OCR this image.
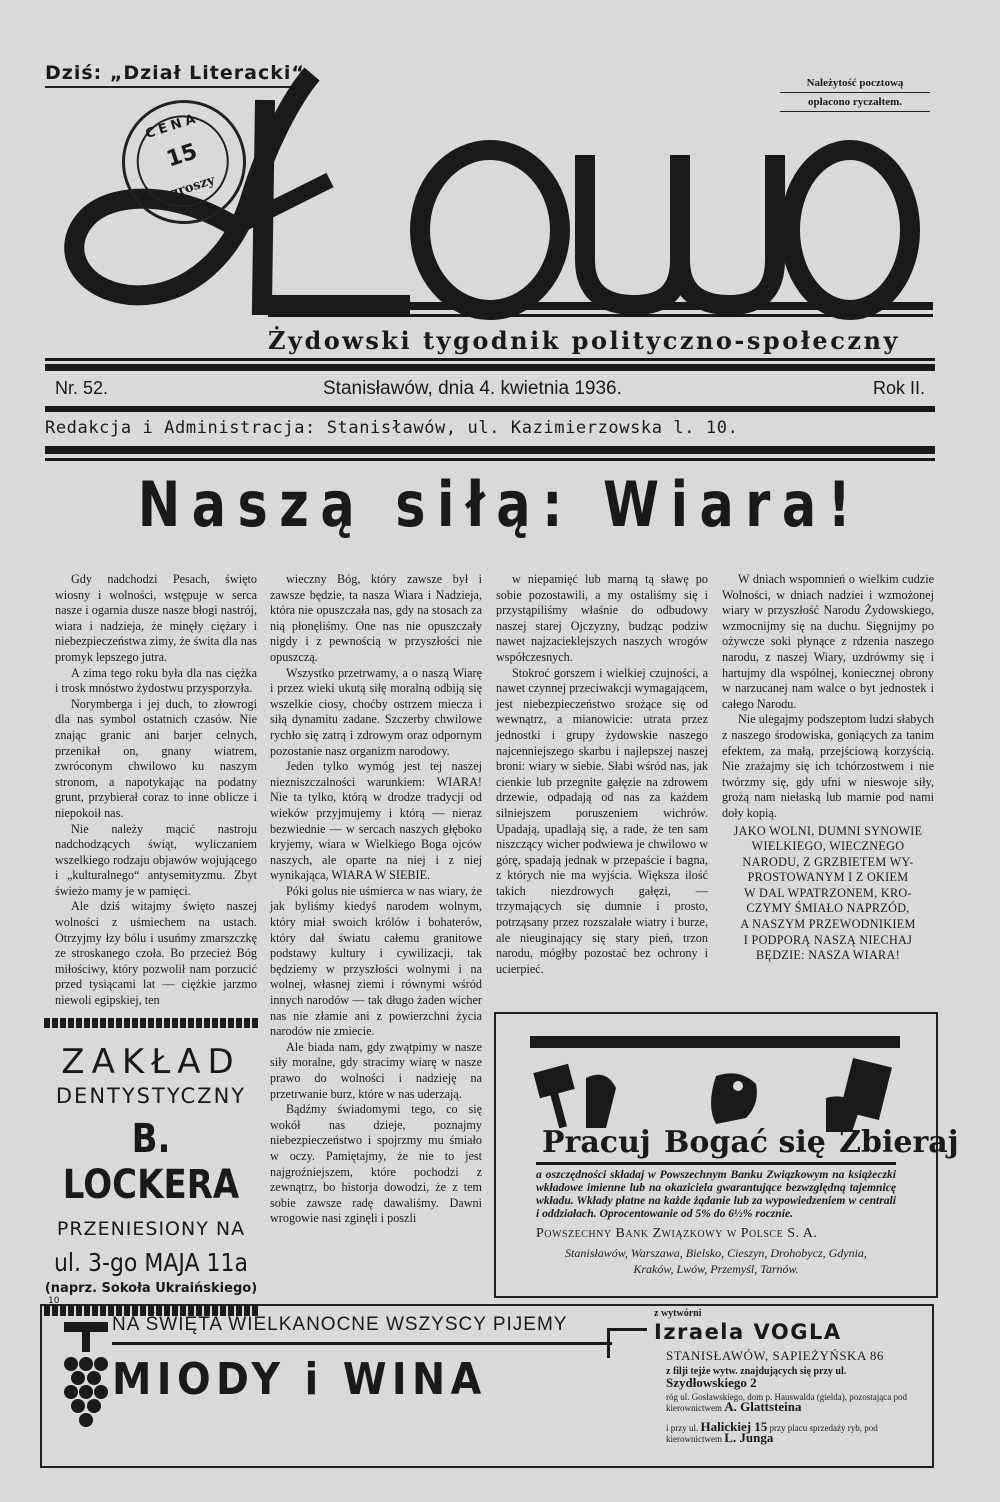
Dziś: „Dział Literacki“	Należytość pocztową
opłacono ryczałtem.
CENA
15
groszy
Żydowski tygodnik polityczno-społeczny
Nr. 52.	Stanisławów, dnia 4. kwietnia 1936.	Rok II.
Redakcja i Administracja: Stanisławów, ul. Kazimierzowska l. 10.
Naszą siłą: Wiara!

Gdy nadchodzi Pesach, święto wiosny i wolności, wstępuje w serca nasze i ogarnia dusze nasze błogi nastrój, wiara i nadzieja, że minęły ciężary i niebezpieczeństwa zimy, że świta dla nas promyk lepszego jutra.

A zima tego roku była dla nas ciężka i trosk mnóstwo żydostwu przysporzyła.

Norymberga i jej duch, to złowrogi dla nas symbol ostatnich czasów. Nie znając granic ani barjer celnych, przenikał on, gnany wiatrem, zwróconym chwilowo ku naszym stronom, a napotykając na podatny grunt, przybierał coraz to inne oblicze i niepokoił nas.

Nie należy mącić nastroju nadchodzących świąt, wyliczaniem wszelkiego rodzaju objawów wojującego i „kulturalnego“ antysemityzmu. Zbyt świeżo mamy je w pamięci.

Ale dziś witajmy święto naszej wolności z uśmiechem na ustach. Otrzyjmy łzy bólu i usuńmy zmarszczkę ze stroskanego czoła. Bo przecież Bóg miłościwy, który pozwolił nam porzucić przed tysiącami lat — ciężkie jarzmo niewoli egipskiej, ten

wieczny Bóg, który zawsze był i zawsze będzie, ta nasza Wiara i Nadzieja, która nie opuszczała nas, gdy na stosach za nią płonęliśmy. One nas nie opuszczały nigdy i z pewnością w przyszłości nie opuszczą.

Wszystko przetrwamy, a o naszą Wiarę i przez wieki ukutą siłę moralną odbiją się wszelkie ciosy, choćby ostrzem miecza i siłą dynamitu zadane. Szczerby chwilowe rychło się zatrą i zdrowym oraz odpornym pozostanie nasz organizm narodowy.

Jeden tylko wymóg jest tej naszej niezniszczalności warunkiem: WIARA! Nie ta tylko, którą w drodze tradycji od wieków przyjmujemy i którą — nieraz bezwiednie — w sercach naszych głęboko kryjemy, wiara w Wielkiego Boga ojców naszych, ale oparte na niej i z niej wynikająca, WIARA W SIEBIE.

Póki golus nie uśmierca w nas wiary, że jak byliśmy kiedyś narodem wolnym, który miał swoich królów i bohaterów, który dał światu całemu granitowe podstawy kultury i cywilizacji, tak będziemy w przyszłości wolnymi i na wolnej, własnej ziemi i równymi wśród innych narodów — tak długo żaden wicher nas nie złamie ani z powierzchni życia narodów nie zmiecie.

Ale biada nam, gdy zwątpimy w nasze siły moralne, gdy stracimy wiarę w nasze prawo do wolności i nadzieję na przetrwanie burz, które w nas uderzają.

Bądźmy świadomymi tego, co się wokół nas dzieje, poznajmy niebezpieczeństwo i spojrzmy mu śmiało w oczy. Pamiętajmy, że nie to jest najgroźniejszem, które pochodzi z zewnątrz, bo historja dowodzi, że z tem sobie zawsze radę dawaliśmy. Dawni wrogowie nasi zginęli i poszli

w niepamięć lub marną tą sławę po sobie pozostawili, a my ostaliśmy się i przystąpiliśmy właśnie do odbudowy naszej starej Ojczyzny, budząc podziw nawet najzacieklejszych naszych wrogów współczesnych.

Stokroć gorszem i wielkiej czujności, a nawet czynnej przeciwakcji wymagającem, jest niebezpieczeństwo srożące się od wewnątrz, a mianowicie: utrata przez jednostki i grupy żydowskie naszego najcenniejszego skarbu i najlepszej naszej broni: wiary w siebie. Słabi wśród nas, jak cienkie lub przegnite gałęzie na zdrowem drzewie, odpadają od nas za każdem silniejszem poruszeniem wichrów. Upadają, upadlają się, a rade, że ten sam niszczący wicher podwiewa je chwilowo w górę, spadają jednak w przepaście i bagna, z których nie ma wyjścia. Większa ilość takich niezdrowych gałęzi, — trzymających się dumnie i prosto, potrząsany przez rozszalałe wiatry i burze, ale nieuginający się stary pień, trzon narodu, mógłby pozostać bez ochrony i ucierpieć.

W dniach wspomnień o wielkim cudzie Wolności, w dniach nadziei i wzmożonej wiary w przyszłość Narodu Żydowskiego, wzmocnijmy się na duchu. Sięgnijmy po ożywcze soki płynące z rdzenia naszego narodu, z naszej Wiary, uzdrówmy się i hartujmy dla wspólnej, koniecznej obrony w narzucanej nam walce o byt jednostek i całego Narodu.

Nie ulegajmy podszeptom ludzi słabych z naszego środowiska, goniących za tanim efektem, za małą, przejściową korzyścią. Nie zrażajmy się ich tchórzostwem i nie twórzmy się, gdy ufni w nieswoje siły, grożą nam niełaską lub marnie pod nami doły kopią.

JAKO WOLNI, DUMNI SYNOWIE WIELKIEGO, WIECZNEGO
NARODU, Z GRZBIETEM WY-
PROSTOWANYM I Z OKIEM
W DAL WPATRZONEM, KRO-
CZYMY ŚMIAŁO NAPRZÓD,
A NASZYM PRZEWODNIKIEM
I PODPORĄ NASZĄ NIECHAJ
BĘDZIE: NASZA WIARA!
ZAKŁAD
DENTYSTYCZNY
B. LOCKERA
PRZENIESIONY NA
ul. 3-go MAJA 11a
(naprz. Sokoła Ukraińskiego)
10
Pracuj Bogać się Zbieraj
a oszczędności składaj w Powszechnym Banku Związkowym na książeczki wkładowe imienne lub na okaziciela gwarantujące bezwzględną tajemnicę wkładu. Wkłady płatne na każde żądanie lub za wypowiedzeniem w centrali i oddziałach. Oprocentowanie od 5% do 6½% rocznie.
Powszechny Bank Związkowy w Polsce S. A.
Stanisławów, Warszawa, Bielsko, Cieszyn, Drohobycz, Gdynia,
Kraków, Lwów, Przemyśl, Tarnów.
NA ŚWIĘTA WIELKANOCNE WSZYSCY PIJEMY
MIODY i WINA
z wytwórni
Izraela VOGLA
STANISŁAWÓW, SAPIEŻYŃSKA 86
z filji tejże wytw. znajdujących się przy ul. Szydłowskiego 2
róg ul. Gosławskiego, dom p. Hauswalda (gielda), pozostająca pod kierownictwem A. Glattsteina
i przy ul. Halickiej 15 przy placu sprzedaży ryb, pod kierownictwem L. Junga
